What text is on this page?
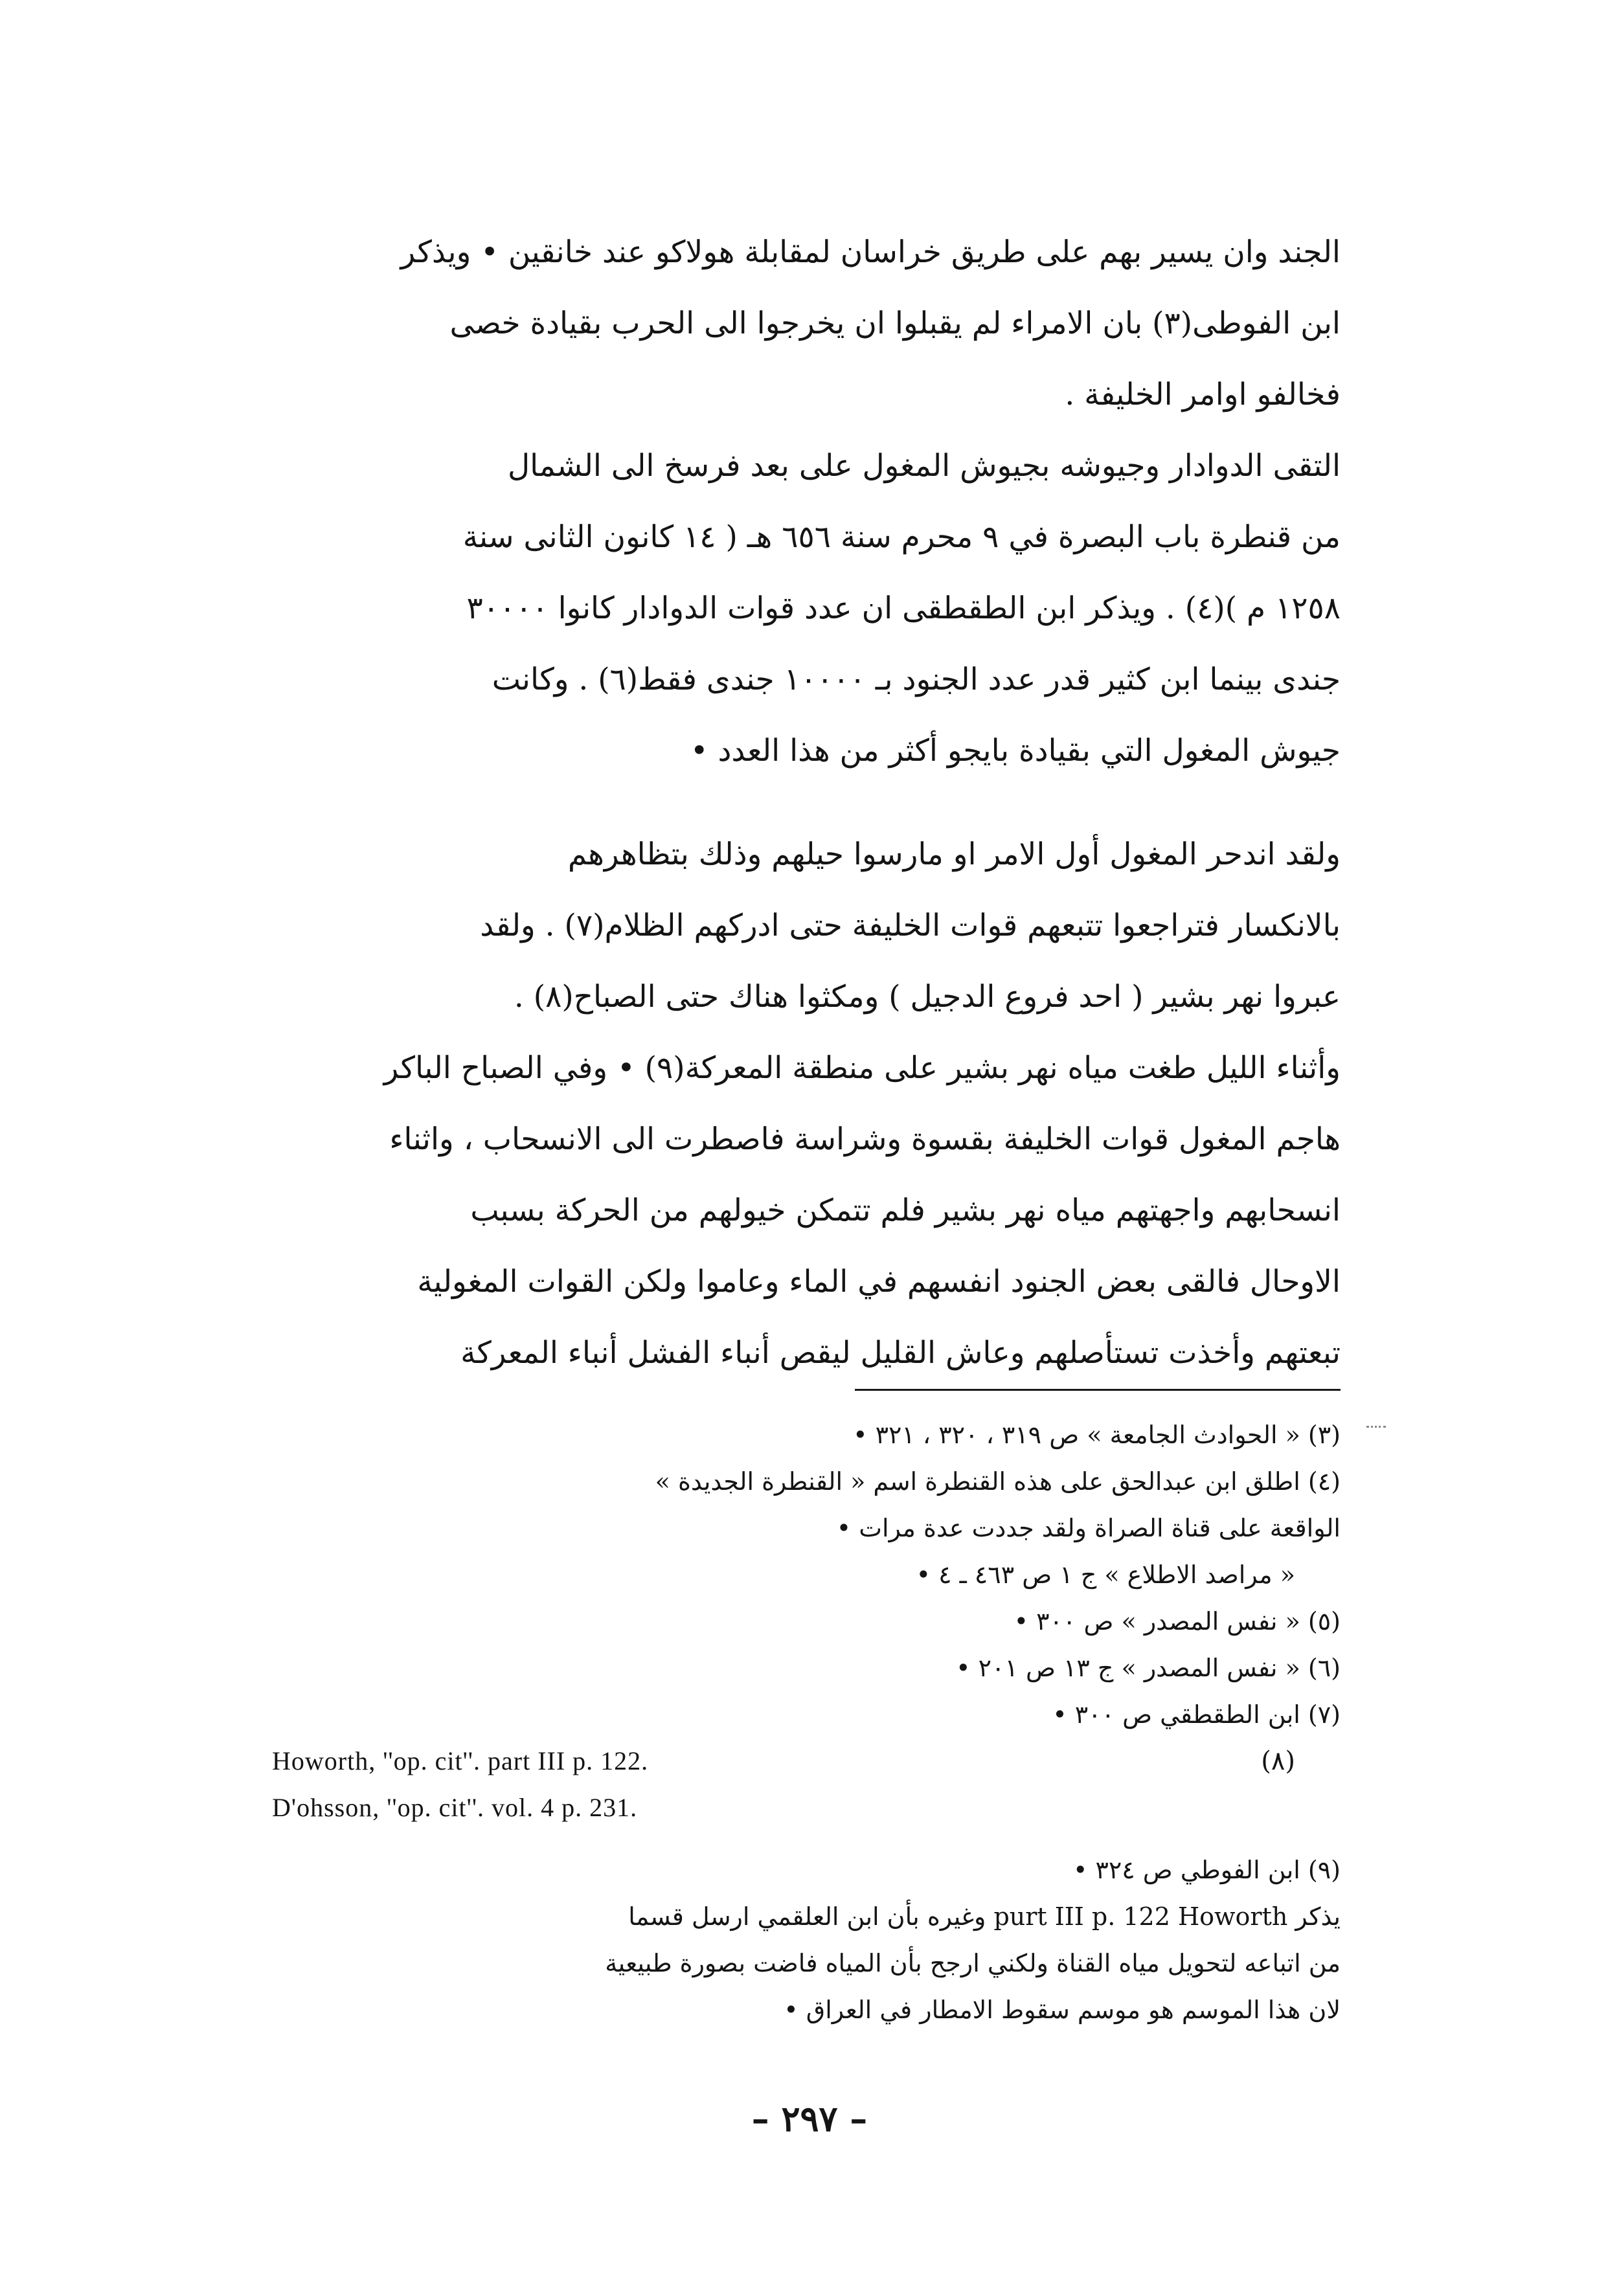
الجند وان يسير بهم على طريق خراسان لمقابلة هولاكو عند خانقين • ويذكر
ابن الفوطى(٣) بان الامراء لم يقبلوا ان يخرجوا الى الحرب بقيادة خصى
فخالفو اوامر الخليفة .
التقى الدوادار وجيوشه بجيوش المغول على بعد فرسخ الى الشمال
من قنطرة باب البصرة في ٩ محرم سنة ٦٥٦ هـ ( ١٤ كانون الثانى سنة
١٢٥٨ م )(٤) . ويذكر ابن الطقطقى ان عدد قوات الدوادار كانوا ٣٠٠٠٠
جندى بينما ابن كثير قدر عدد الجنود بـ ١٠٠٠٠ جندى فقط(٦) . وكانت
جيوش المغول التي بقيادة بايجو أكثر من هذا العدد •
ولقد اندحر المغول أول الامر او مارسوا حيلهم وذلك بتظاهرهم
بالانكسار فتراجعوا تتبعهم قوات الخليفة حتى ادركهم الظلام(٧) . ولقد
عبروا نهر بشير ( احد فروع الدجيل ) ومكثوا هناك حتى الصباح(٨) .
وأثناء الليل طغت مياه نهر بشير على منطقة المعركة(٩) • وفي الصباح الباكر
هاجم المغول قوات الخليفة بقسوة وشراسة فاصطرت الى الانسحاب ، واثناء
انسحابهم واجهتهم مياه نهر بشير فلم تتمكن خيولهم من الحركة بسبب
الاوحال فالقى بعض الجنود انفسهم في الماء وعاموا ولكن القوات المغولية
تبعتهم وأخذت تستأصلهم وعاش القليل ليقص أنباء الفشل أنباء المعركة
(٣) « الحوادث الجامعة » ص ٣١٩ ، ٣٢٠ ، ٣٢١ •
(٤) اطلق ابن عبدالحق على هذه القنطرة اسم « القنطرة الجديدة »
الواقعة على قناة الصراة ولقد جددت عدة مرات •
« مراصد الاطلاع » ج ١ ص ٤٦٣ ـ ٤ •
(٥) « نفس المصدر » ص ٣٠٠ •
(٦) « نفس المصدر » ج ١٣ ص ٢٠١ •
(٧) ابن الطقطقي ص ٣٠٠ •
Howorth, ''op. cit''. part III p. 122.	(٨)
D'ohsson, ''op. cit''. vol. 4 p. 231.
(٩) ابن الفوطي ص ٣٢٤ •
يذكر purt III p. 122 Howorth وغيره بأن ابن العلقمي ارسل قسما
من اتباعه لتحويل مياه القناة ولكني ارجح بأن المياه فاضت بصورة طبيعية
لان هذا الموسم هو موسم سقوط الامطار في العراق •
– ٢٩٧ –
